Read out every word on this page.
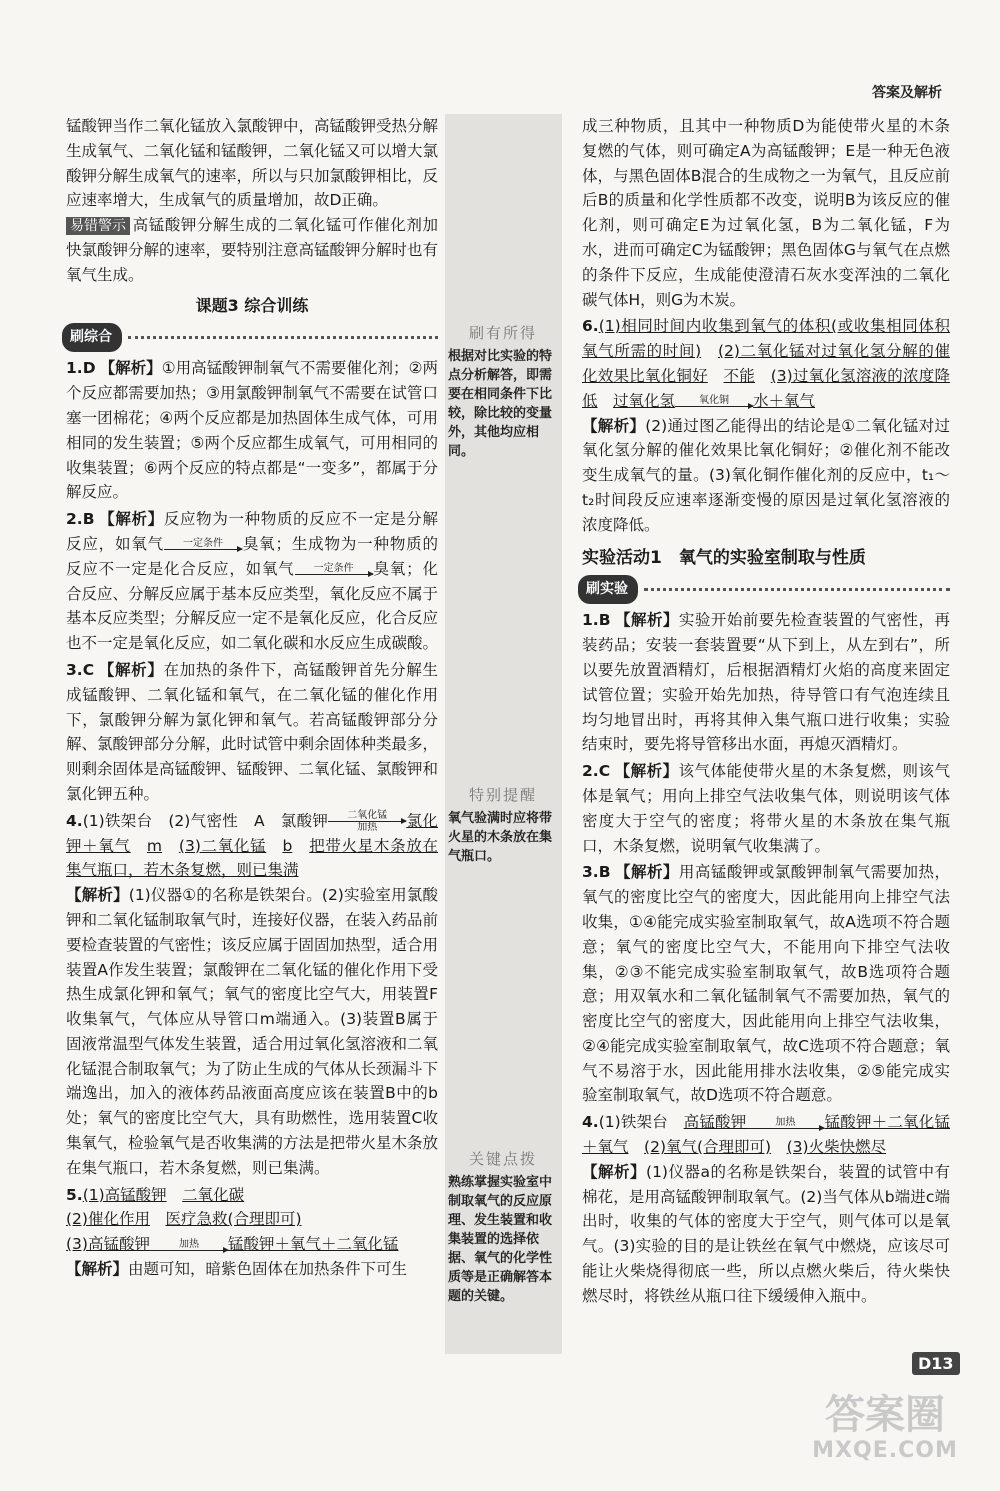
答案及解析

锰酸钾当作二氧化锰放入氯酸钾中，高锰酸钾受热分解生成氧气、二氧化锰和锰酸钾，二氧化锰又可以增大氯酸钾分解生成氧气的速率，所以与只加氯酸钾相比，反应速率增大，生成氧气的质量增加，故D正确。

易错警示 高锰酸钾分解生成的二氧化锰可作催化剂加快氯酸钾分解的速率，要特别注意高锰酸钾分解时也有氧气生成。

课题3 综合训练
刷综合

1.D 【解析】①用高锰酸钾制氧气不需要催化剂；②两个反应都需要加热；③用氯酸钾制氧气不需要在试管口塞一团棉花；④两个反应都是加热固体生成气体，可用相同的发生装置；⑤两个反应都生成氧气，可用相同的收集装置；⑥两个反应的特点都是“一变多”，都属于分解反应。

2.B 【解析】反应物为一种物质的反应不一定是分解反应，如氧气	一定条件	臭氧；生成物为一种物质的反应不一定是化合反应，如氧气	一定条件	臭氧；化合反应、分解反应属于基本反应类型，氧化反应不属于基本反应类型；分解反应一定不是氧化反应，化合反应也不一定是氧化反应，如二氧化碳和水反应生成碳酸。

3.C 【解析】在加热的条件下，高锰酸钾首先分解生成锰酸钾、二氧化锰和氧气，在二氧化锰的催化作用下，氯酸钾分解为氯化钾和氧气。若高锰酸钾部分分解、氯酸钾部分分解，此时试管中剩余固体种类最多，则剩余固体是高锰酸钾、锰酸钾、二氧化锰、氯酸钾和氯化钾五种。

4.(1)铁架台　 (2)气密性　 A　 氯酸钾	二氧化锰
加热	氯化钾＋氧气　 m　 (3)二氧化锰　 b　 把带火星木条放在集气瓶口，若木条复燃，则已集满

【解析】(1)仪器①的名称是铁架台。(2)实验室用氯酸钾和二氧化锰制取氧气时，连接好仪器，在装入药品前要检查装置的气密性；该反应属于固固加热型，适合用装置A作发生装置；氯酸钾在二氧化锰的催化作用下受热生成氯化钾和氧气；氧气的密度比空气大，用装置F收集氧气，气体应从导管口m端通入。(3)装置B属于固液常温型气体发生装置，适合用过氧化氢溶液和二氧化锰混合制取氧气；为了防止生成的气体从长颈漏斗下端逸出，加入的液体药品液面高度应该在装置B中的b处；氧气的密度比空气大，具有助燃性，选用装置C收集氧气，检验氧气是否收集满的方法是把带火星木条放在集气瓶口，若木条复燃，则已集满。

5.(1)高锰酸钾　 二氧化碳
(2)催化作用　 医疗急救(合理即可)
(3)高锰酸钾	加热	锰酸钾＋氧气＋二氧化锰

【解析】由题可知，暗紫色固体在加热条件下可生

刷有所得
根据对比实验的特点分析解答，即需要在相同条件下比较，除比较的变量外，其他均应相同。
特别提醒
氧气验满时应将带火星的木条放在集气瓶口。
关键点拨
熟练掌握实验室中制取氧气的反应原理、发生装置和收集装置的选择依据、氧气的化学性质等是正确解答本题的关键。

成三种物质，且其中一种物质D为能使带火星的木条复燃的气体，则可确定A为高锰酸钾；E是一种无色液体，与黑色固体B混合的生成物之一为氧气，且反应前后B的质量和化学性质都不改变，说明B为该反应的催化剂，则可确定E为过氧化氢，B为二氧化锰，F为水，进而可确定C为锰酸钾；黑色固体G与氧气在点燃的条件下反应，生成能使澄清石灰水变浑浊的二氧化碳气体H，则G为木炭。

6.(1)相同时间内收集到氧气的体积(或收集相同体积氧气所需的时间)　 (2)二氧化锰对过氧化氢分解的催化效果比氧化铜好　 不能　 (3)过氧化氢溶液的浓度降低　 过氧化氢	氧化铜	水＋氧气

【解析】(2)通过图乙能得出的结论是①二氧化锰对过氧化氢分解的催化效果比氧化铜好；②催化剂不能改变生成氧气的量。(3)氧化铜作催化剂的反应中，t₁～t₂时间段反应速率逐渐变慢的原因是过氧化氢溶液的浓度降低。

实验活动1　氧气的实验室制取与性质
刷实验

1.B 【解析】实验开始前要先检查装置的气密性，再装药品；安装一套装置要“从下到上，从左到右”，所以要先放置酒精灯，后根据酒精灯火焰的高度来固定试管位置；实验开始先加热，待导管口有气泡连续且均匀地冒出时，再将其伸入集气瓶口进行收集；实验结束时，要先将导管移出水面，再熄灭酒精灯。

2.C 【解析】该气体能使带火星的木条复燃，则该气体是氧气；用向上排空气法收集气体，则说明该气体密度大于空气的密度；将带火星的木条放在集气瓶口，木条复燃，说明氧气收集满了。

3.B 【解析】用高锰酸钾或氯酸钾制氧气需要加热，氧气的密度比空气的密度大，因此能用向上排空气法收集，①④能完成实验室制取氧气，故A选项不符合题意；氧气的密度比空气大，不能用向下排空气法收集，②③不能完成实验室制取氧气，故B选项符合题意；用双氧水和二氧化锰制氧气不需要加热，氧气的密度比空气的密度大，因此能用向上排空气法收集，②④能完成实验室制取氧气，故C选项不符合题意；氧气不易溶于水，因此能用排水法收集，②⑤能完成实验室制取氧气，故D选项不符合题意。

4.(1)铁架台　 高锰酸钾	加热	锰酸钾＋二氧化锰＋氧气　 (2)氧气(合理即可)　 (3)火柴快燃尽

【解析】(1)仪器a的名称是铁架台，装置的试管中有棉花，是用高锰酸钾制取氧气。(2)当气体从b端进c端出时，收集的气体的密度大于空气，则气体可以是氧气。(3)实验的目的是让铁丝在氧气中燃烧，应该尽可能让火柴烧得彻底一些，所以点燃火柴后，待火柴快燃尽时，将铁丝从瓶口往下缓缓伸入瓶中。

D13
答案圈
MXQE.COM
